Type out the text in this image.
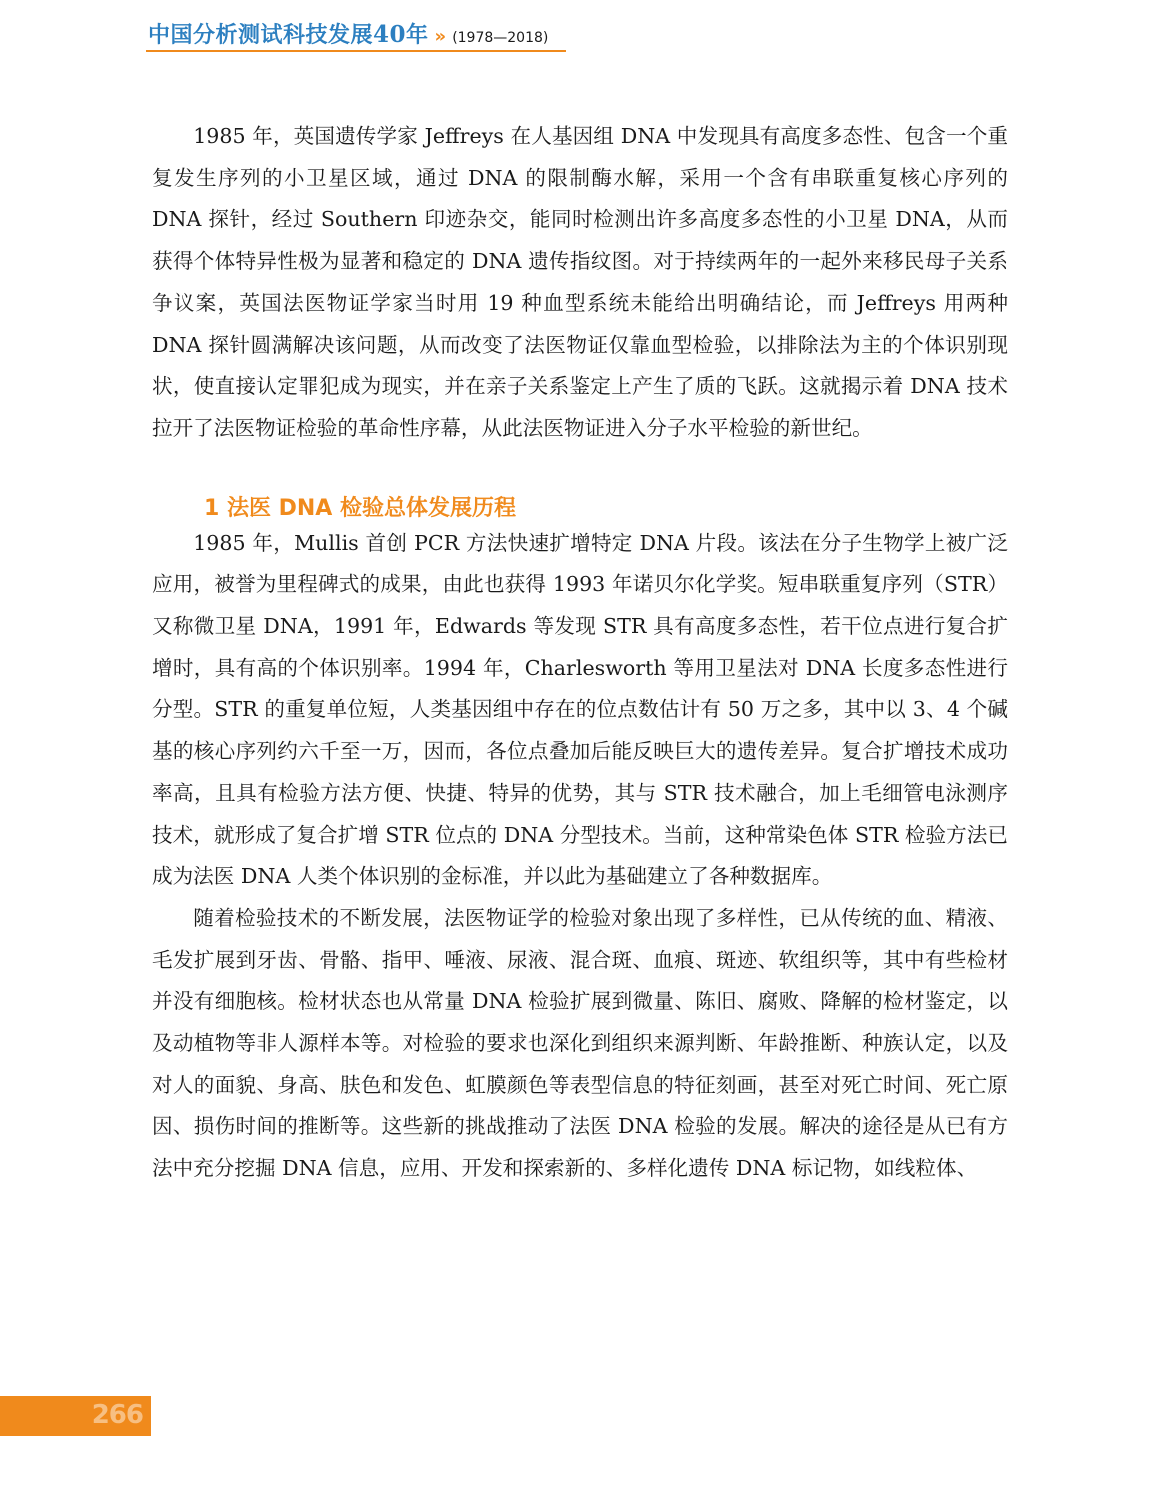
中国分析测试科技发展40年 » (1978—2018)

1985 年，英国遗传学家 Jeffreys 在人基因组 DNA 中发现具有高度多态性、包含一个重复发生序列的小卫星区域，通过 DNA 的限制酶水解，采用一个含有串联重复核心序列的 DNA 探针，经过 Southern 印迹杂交，能同时检测出许多高度多态性的小卫星 DNA，从而获得个体特异性极为显著和稳定的 DNA 遗传指纹图。对于持续两年的一起外来移民母子关系争议案，英国法医物证学家当时用 19 种血型系统未能给出明确结论，而 Jeffreys 用两种 DNA 探针圆满解决该问题，从而改变了法医物证仅靠血型检验，以排除法为主的个体识别现状，使直接认定罪犯成为现实，并在亲子关系鉴定上产生了质的飞跃。这就揭示着 DNA 技术拉开了法医物证检验的革命性序幕，从此法医物证进入分子水平检验的新世纪。

1 法医 DNA 检验总体发展历程

1985 年，Mullis 首创 PCR 方法快速扩增特定 DNA 片段。该法在分子生物学上被广泛应用，被誉为里程碑式的成果，由此也获得 1993 年诺贝尔化学奖。短串联重复序列（STR）又称微卫星 DNA，1991 年，Edwards 等发现 STR 具有高度多态性，若干位点进行复合扩增时，具有高的个体识别率。1994 年，Charlesworth 等用卫星法对 DNA 长度多态性进行分型。STR 的重复单位短，人类基因组中存在的位点数估计有 50 万之多，其中以 3、4 个碱基的核心序列约六千至一万，因而，各位点叠加后能反映巨大的遗传差异。复合扩增技术成功率高，且具有检验方法方便、快捷、特异的优势，其与 STR 技术融合，加上毛细管电泳测序技术，就形成了复合扩增 STR 位点的 DNA 分型技术。当前，这种常染色体 STR 检验方法已成为法医 DNA 人类个体识别的金标准，并以此为基础建立了各种数据库。

随着检验技术的不断发展，法医物证学的检验对象出现了多样性，已从传统的血、精液、毛发扩展到牙齿、骨骼、指甲、唾液、尿液、混合斑、血痕、斑迹、软组织等，其中有些检材并没有细胞核。检材状态也从常量 DNA 检验扩展到微量、陈旧、腐败、降解的检材鉴定，以及动植物等非人源样本等。对检验的要求也深化到组织来源判断、年龄推断、种族认定，以及对人的面貌、身高、肤色和发色、虹膜颜色等表型信息的特征刻画，甚至对死亡时间、死亡原因、损伤时间的推断等。这些新的挑战推动了法医 DNA 检验的发展。解决的途径是从已有方法中充分挖掘 DNA 信息，应用、开发和探索新的、多样化遗传 DNA 标记物，如线粒体、

266
